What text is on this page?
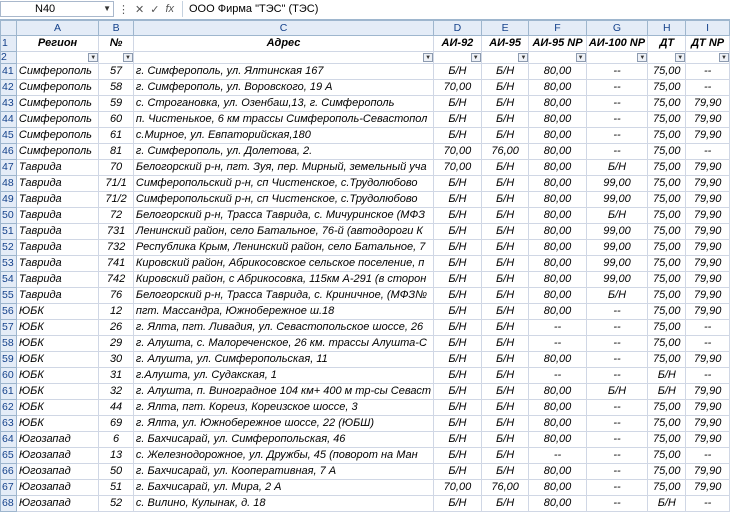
N40	▼ ⋮ ✕ ✓ fx	ООО Фирма "ТЭС" (ТЭС)
	A	B	C	D	E	F	G	H	I
1	Регион	№	Адрес	АИ-92	АИ-95	АИ-95 NP	АИ-100 NP	ДТ	ДТ NP
2	▼	▼	▼	▼	▼	▼	▼	▼	▼

41	Симферополь	57	г. Симферополь, ул. Ялтинская 167	Б/Н	Б/Н	80,00	--	75,00	--
42	Симферополь	58	г. Симферополь, ул. Воровского, 19 А	70,00	Б/Н	80,00	--	75,00	--
43	Симферополь	59	с. Строгановка, ул. Озенбаш,13, г. Симферополь	Б/Н	Б/Н	80,00	--	75,00	79,90
44	Симферополь	60	п. Чистенькое, 6 км трассы Симферополь-Севастопол	Б/Н	Б/Н	80,00	--	75,00	79,90
45	Симферополь	61	с.Мирное, ул. Евпаторийская,180	Б/Н	Б/Н	80,00	--	75,00	79,90
46	Симферополь	81	г. Симферополь, ул. Долетова, 2.	70,00	76,00	80,00	--	75,00	--
47	Таврида	70	Белогорский р-н, пгт. Зуя, пер. Мирный, земельный уча	70,00	Б/Н	80,00	Б/Н	75,00	79,90
48	Таврида	71/1	Симферопольский р-н, сп Чистенское, с.Трудолюбово	Б/Н	Б/Н	80,00	99,00	75,00	79,90
49	Таврида	71/2	Симферопольский р-н, сп Чистенское, с.Трудолюбово	Б/Н	Б/Н	80,00	99,00	75,00	79,90
50	Таврида	72	Белогорский р-н, Трасса Таврида, с. Мичуринское (МФЗ	Б/Н	Б/Н	80,00	Б/Н	75,00	79,90
51	Таврида	731	Ленинский район, село Батальное, 76-й (автодороги К	Б/Н	Б/Н	80,00	99,00	75,00	79,90
52	Таврида	732	Республика Крым, Ленинский район, село Батальное, 7	Б/Н	Б/Н	80,00	99,00	75,00	79,90
53	Таврида	741	Кировский район, Абрикосовское сельское поселение, п	Б/Н	Б/Н	80,00	99,00	75,00	79,90
54	Таврида	742	Кировский район, с Абрикосовка, 115км А-291 (в сторон	Б/Н	Б/Н	80,00	99,00	75,00	79,90
55	Таврида	76	Белогорский р-н, Трасса Таврида, с. Криничное, (МФЗ№	Б/Н	Б/Н	80,00	Б/Н	75,00	79,90
56	ЮБК	12	пгт. Массандра, Южнобережное ш.18	Б/Н	Б/Н	80,00	--	75,00	79,90
57	ЮБК	26	г. Ялта, пгт. Ливадия, ул. Севастопольское шоссе, 26	Б/Н	Б/Н	--	--	75,00	--
58	ЮБК	29	г. Алушта, с. Малореченское, 26 км. трассы Алушта-С	Б/Н	Б/Н	--	--	75,00	--
59	ЮБК	30	г. Алушта, ул. Симферопольская, 11	Б/Н	Б/Н	80,00	--	75,00	79,90
60	ЮБК	31	г.Алушта, ул. Судакская, 1	Б/Н	Б/Н	--	--	Б/Н	--
61	ЮБК	32	г. Алушта, п. Виноградное 104 км+ 400 м тр-сы Севаст	Б/Н	Б/Н	80,00	Б/Н	Б/Н	79,90
62	ЮБК	44	г. Ялта, пгт. Кореиз, Кореизское шоссе, 3	Б/Н	Б/Н	80,00	--	75,00	79,90
63	ЮБК	69	г. Ялта, ул. Южнобережное шоссе, 22 (ЮБШ)	Б/Н	Б/Н	80,00	--	75,00	79,90
64	Югозапад	6	г. Бахчисарай, ул. Симферопольская, 46	Б/Н	Б/Н	80,00	--	75,00	79,90
65	Югозапад	13	с. Железнодорожное, ул. Дружбы, 45 (поворот на Ман	Б/Н	Б/Н	--	--	75,00	--
66	Югозапад	50	г. Бахчисарай, ул. Кооперативная, 7 А	Б/Н	Б/Н	80,00	--	75,00	79,90
67	Югозапад	51	г. Бахчисарай, ул. Мира, 2 А	70,00	76,00	80,00	--	75,00	79,90
68	Югозапад	52	с. Вилино, Кулынак, д. 18	Б/Н	Б/Н	80,00	--	Б/Н	--
